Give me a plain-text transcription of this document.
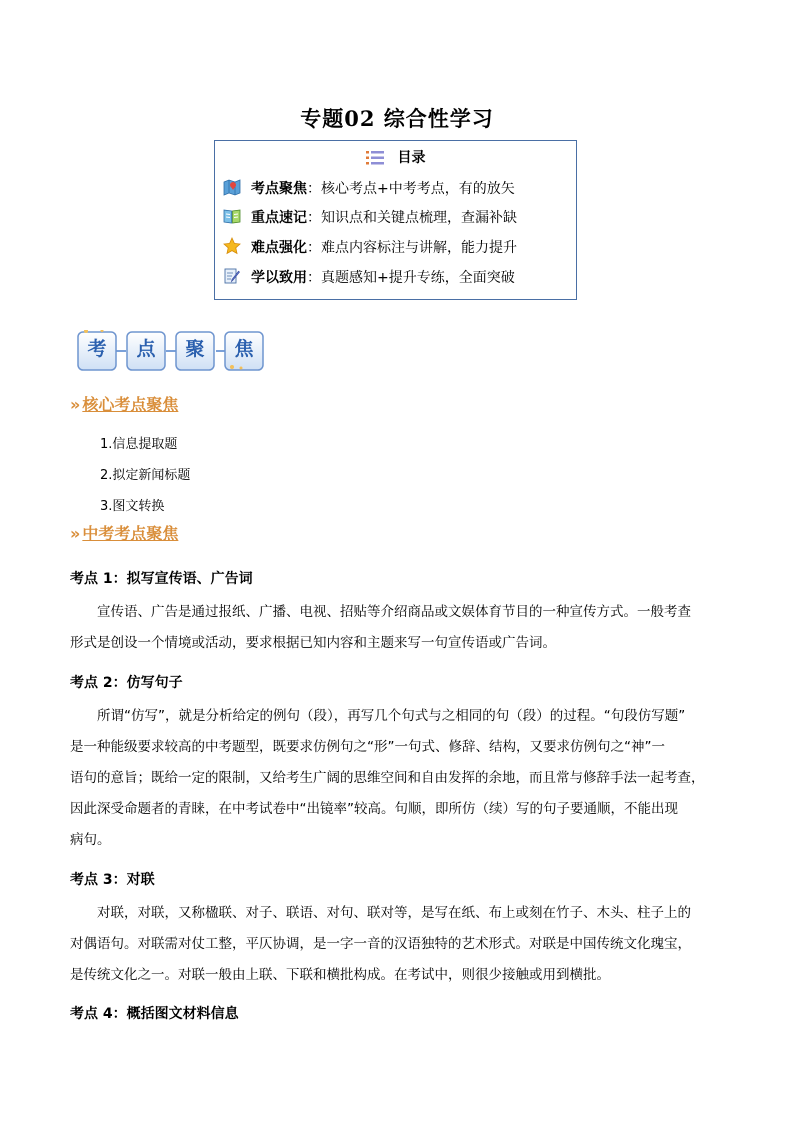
专题02 综合性学习
目录
考点聚焦：核心考点+中考考点，有的放矢
重点速记：知识点和关键点梳理，查漏补缺
难点强化：难点内容标注与讲解，能力提升
学以致用：真题感知+提升专练，全面突破
考	点	聚	焦
» 核心考点聚焦
1.信息提取题
2.拟定新闻标题
3.图文转换
» 中考考点聚焦
考点 1：拟写宣传语、广告词
宣传语、广告是通过报纸、广播、电视、招贴等介绍商品或文娱体育节目的一种宣传方式。一般考查
形式是创设一个情境或活动，要求根据已知内容和主题来写一句宣传语或广告词。
考点 2：仿写句子
所谓“仿写”，就是分析给定的例句（段），再写几个句式与之相同的句（段）的过程。“句段仿写题”
是一种能级要求较高的中考题型，既要求仿例句之“形”一句式、修辞、结构，又要求仿例句之“神”一
语句的意旨；既给一定的限制，又给考生广阔的思维空间和自由发挥的余地，而且常与修辞手法一起考查，
因此深受命题者的青睐，在中考试卷中“出镜率”较高。句顺，即所仿（续）写的句子要通顺，不能出现
病句。
考点 3：对联
对联，对联，又称楹联、对子、联语、对句、联对等，是写在纸、布上或刻在竹子、木头、柱子上的
对偶语句。对联需对仗工整，平仄协调，是一字一音的汉语独特的艺术形式。对联是中国传统文化瑰宝，
是传统文化之一。对联一般由上联、下联和横批构成。在考试中，则很少接触或用到横批。
考点 4：概括图文材料信息
